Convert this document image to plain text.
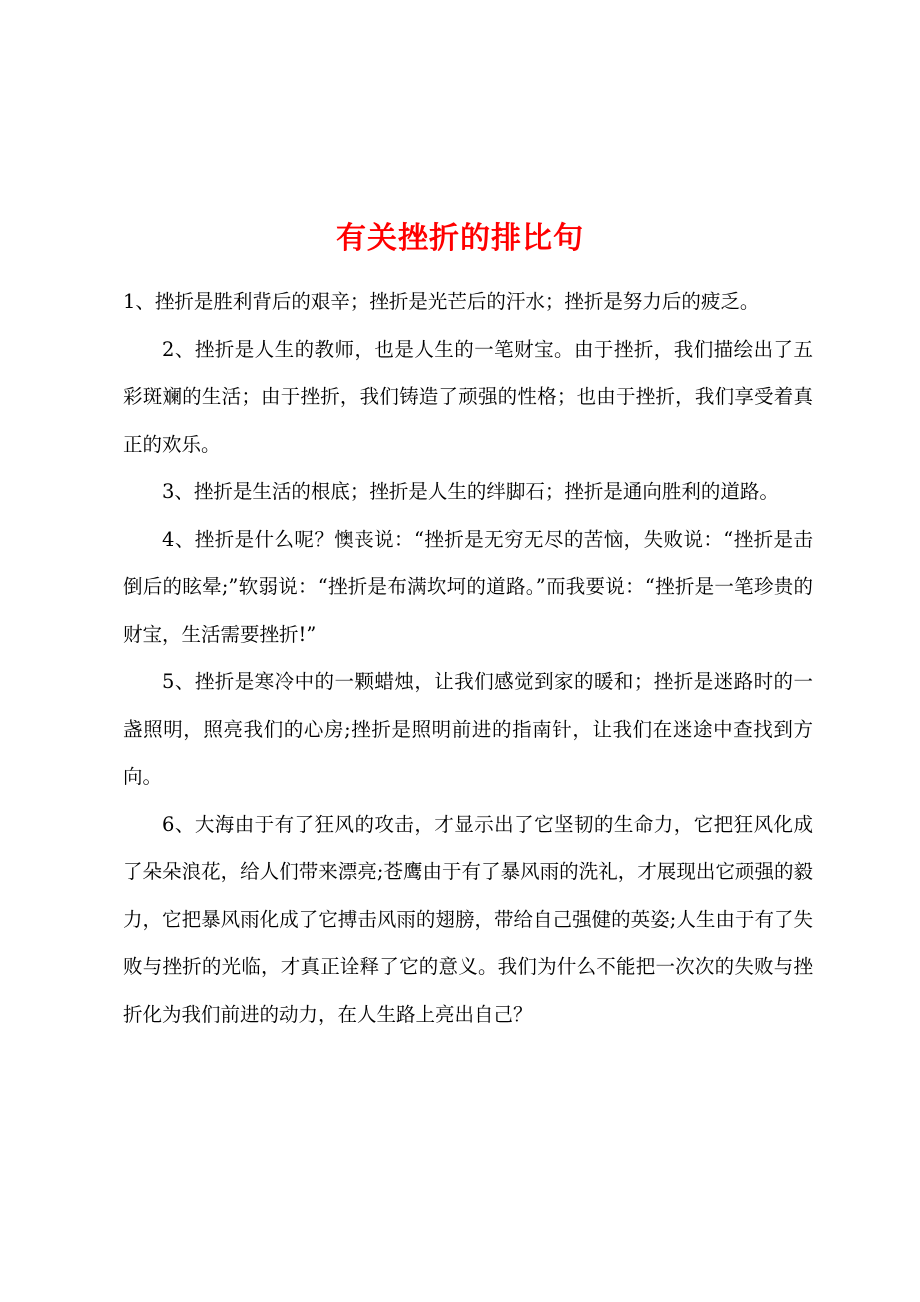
有关挫折的排比句

1、挫折是胜利背后的艰辛；挫折是光芒后的汗水；挫折是努力后的疲乏。

2、挫折是人生的教师，也是人生的一笔财宝。由于挫折，我们描绘出了五彩斑斓的生活；由于挫折，我们铸造了顽强的性格；也由于挫折，我们享受着真正的欢乐。

3、挫折是生活的根底；挫折是人生的绊脚石；挫折是通向胜利的道路。

4、挫折是什么呢？懊丧说：“挫折是无穷无尽的苦恼，失败说：“挫折是击倒后的眩晕;”软弱说：“挫折是布满坎坷的道路。”而我要说：“挫折是一笔珍贵的财宝，生活需要挫折!”

5、挫折是寒冷中的一颗蜡烛，让我们感觉到家的暖和；挫折是迷路时的一盏照明，照亮我们的心房;挫折是照明前进的指南针，让我们在迷途中查找到方向。

6、大海由于有了狂风的攻击，才显示出了它坚韧的生命力，它把狂风化成了朵朵浪花，给人们带来漂亮;苍鹰由于有了暴风雨的洗礼，才展现出它顽强的毅力，它把暴风雨化成了它搏击风雨的翅膀，带给自己强健的英姿;人生由于有了失败与挫折的光临，才真正诠释了它的意义。我们为什么不能把一次次的失败与挫折化为我们前进的动力，在人生路上亮出自己？
